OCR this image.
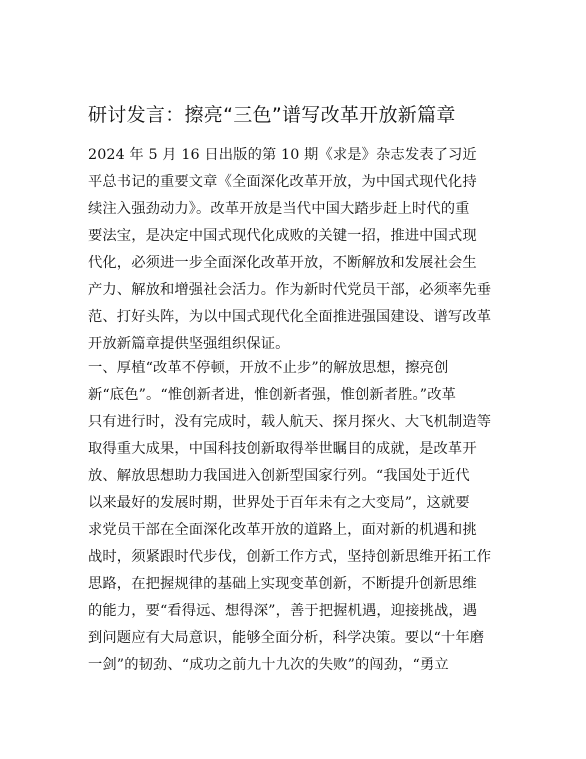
研讨发言：擦亮“三色”谱写改革开放新篇章
2024 年 5 月 16 日出版的第 10 期《求是》杂志发表了习近
平总书记的重要文章《全面深化改革开放，为中国式现代化持
续注入强劲动力》。改革开放是当代中国大踏步赶上时代的重
要法宝，是决定中国式现代化成败的关键一招，推进中国式现
代化，必须进一步全面深化改革开放，不断解放和发展社会生
产力、解放和增强社会活力。作为新时代党员干部，必须率先垂
范、打好头阵，为以中国式现代化全面推进强国建设、谱写改革
开放新篇章提供坚强组织保证。
一、厚植“改革不停顿，开放不止步”的解放思想，擦亮创
新“底色”。“惟创新者进，惟创新者强，惟创新者胜。”改革
只有进行时，没有完成时，载人航天、探月探火、大飞机制造等
取得重大成果，中国科技创新取得举世瞩目的成就，是改革开
放、解放思想助力我国进入创新型国家行列。“我国处于近代
以来最好的发展时期，世界处于百年未有之大变局”，这就要
求党员干部在全面深化改革开放的道路上，面对新的机遇和挑
战时，须紧跟时代步伐，创新工作方式，坚持创新思维开拓工作
思路，在把握规律的基础上实现变革创新，不断提升创新思维
的能力，要“看得远、想得深”，善于把握机遇，迎接挑战，遇
到问题应有大局意识，能够全面分析，科学决策。要以“十年磨
一剑”的韧劲、“成功之前九十九次的失败”的闯劲，“勇立
